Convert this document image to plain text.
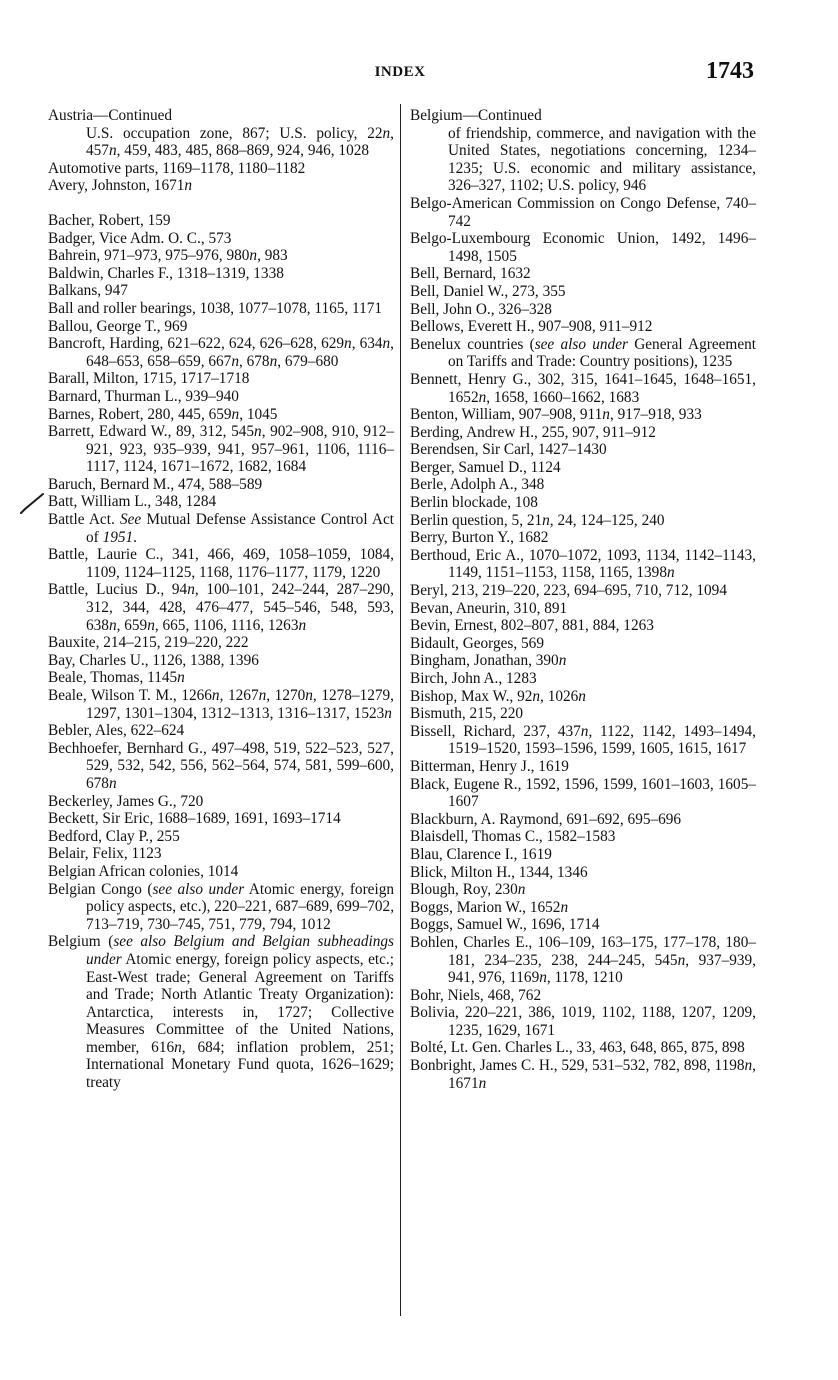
INDEX	1743

Austria—Continued

U.S. occupation zone, 867; U.S. policy, 22n, 457n, 459, 483, 485, 868–869, 924, 946, 1028

Automotive parts, 1169–1178, 1180–1182

Avery, Johnston, 1671n

Bacher, Robert, 159

Badger, Vice Adm. O. C., 573

Bahrein, 971–973, 975–976, 980n, 983

Baldwin, Charles F., 1318–1319, 1338

Balkans, 947

Ball and roller bearings, 1038, 1077–1078, 1165, 1171

Ballou, George T., 969

Bancroft, Harding, 621–622, 624, 626–628, 629n, 634n, 648–653, 658–659, 667n, 678n, 679–680

Barall, Milton, 1715, 1717–1718

Barnard, Thurman L., 939–940

Barnes, Robert, 280, 445, 659n, 1045

Barrett, Edward W., 89, 312, 545n, 902–908, 910, 912–921, 923, 935–939, 941, 957–961, 1106, 1116–1117, 1124, 1671–1672, 1682, 1684

Baruch, Bernard M., 474, 588–589

Batt, William L., 348, 1284

Battle Act. See Mutual Defense Assistance Control Act of 1951.

Battle, Laurie C., 341, 466, 469, 1058–1059, 1084, 1109, 1124–1125, 1168, 1176–1177, 1179, 1220

Battle, Lucius D., 94n, 100–101, 242–244, 287–290, 312, 344, 428, 476–477, 545–546, 548, 593, 638n, 659n, 665, 1106, 1116, 1263n

Bauxite, 214–215, 219–220, 222

Bay, Charles U., 1126, 1388, 1396

Beale, Thomas, 1145n

Beale, Wilson T. M., 1266n, 1267n, 1270n, 1278–1279, 1297, 1301–1304, 1312–1313, 1316–1317, 1523n

Bebler, Ales, 622–624

Bechhoefer, Bernhard G., 497–498, 519, 522–523, 527, 529, 532, 542, 556, 562–564, 574, 581, 599–600, 678n

Beckerley, James G., 720

Beckett, Sir Eric, 1688–1689, 1691, 1693–1714

Bedford, Clay P., 255

Belair, Felix, 1123

Belgian African colonies, 1014

Belgian Congo (see also under Atomic energy, foreign policy aspects, etc.), 220–221, 687–689, 699–702, 713–719, 730–745, 751, 779, 794, 1012

Belgium (see also Belgium and Belgian subheadings under Atomic energy, foreign policy aspects, etc.; East-West trade; General Agreement on Tariffs and Trade; North Atlantic Treaty Organization): Antarctica, interests in, 1727; Collective Measures Committee of the United Nations, member, 616n, 684; inflation problem, 251; International Monetary Fund quota, 1626–1629; treaty

Belgium—Continued

of friendship, commerce, and navigation with the United States, negotiations concerning, 1234–1235; U.S. economic and military assistance, 326–327, 1102; U.S. policy, 946

Belgo-American Commission on Congo Defense, 740–742

Belgo-Luxembourg Economic Union, 1492, 1496–1498, 1505

Bell, Bernard, 1632

Bell, Daniel W., 273, 355

Bell, John O., 326–328

Bellows, Everett H., 907–908, 911–912

Benelux countries (see also under General Agreement on Tariffs and Trade: Country positions), 1235

Bennett, Henry G., 302, 315, 1641–1645, 1648–1651, 1652n, 1658, 1660–1662, 1683

Benton, William, 907–908, 911n, 917–918, 933

Berding, Andrew H., 255, 907, 911–912

Berendsen, Sir Carl, 1427–1430

Berger, Samuel D., 1124

Berle, Adolph A., 348

Berlin blockade, 108

Berlin question, 5, 21n, 24, 124–125, 240

Berry, Burton Y., 1682

Berthoud, Eric A., 1070–1072, 1093, 1134, 1142–1143, 1149, 1151–1153, 1158, 1165, 1398n

Beryl, 213, 219–220, 223, 694–695, 710, 712, 1094

Bevan, Aneurin, 310, 891

Bevin, Ernest, 802–807, 881, 884, 1263

Bidault, Georges, 569

Bingham, Jonathan, 390n

Birch, John A., 1283

Bishop, Max W., 92n, 1026n

Bismuth, 215, 220

Bissell, Richard, 237, 437n, 1122, 1142, 1493–1494, 1519–1520, 1593–1596, 1599, 1605, 1615, 1617

Bitterman, Henry J., 1619

Black, Eugene R., 1592, 1596, 1599, 1601–1603, 1605–1607

Blackburn, A. Raymond, 691–692, 695–696

Blaisdell, Thomas C., 1582–1583

Blau, Clarence I., 1619

Blick, Milton H., 1344, 1346

Blough, Roy, 230n

Boggs, Marion W., 1652n

Boggs, Samuel W., 1696, 1714

Bohlen, Charles E., 106–109, 163–175, 177–178, 180–181, 234–235, 238, 244–245, 545n, 937–939, 941, 976, 1169n, 1178, 1210

Bohr, Niels, 468, 762

Bolivia, 220–221, 386, 1019, 1102, 1188, 1207, 1209, 1235, 1629, 1671

Bolté, Lt. Gen. Charles L., 33, 463, 648, 865, 875, 898

Bonbright, James C. H., 529, 531–532, 782, 898, 1198n, 1671n
